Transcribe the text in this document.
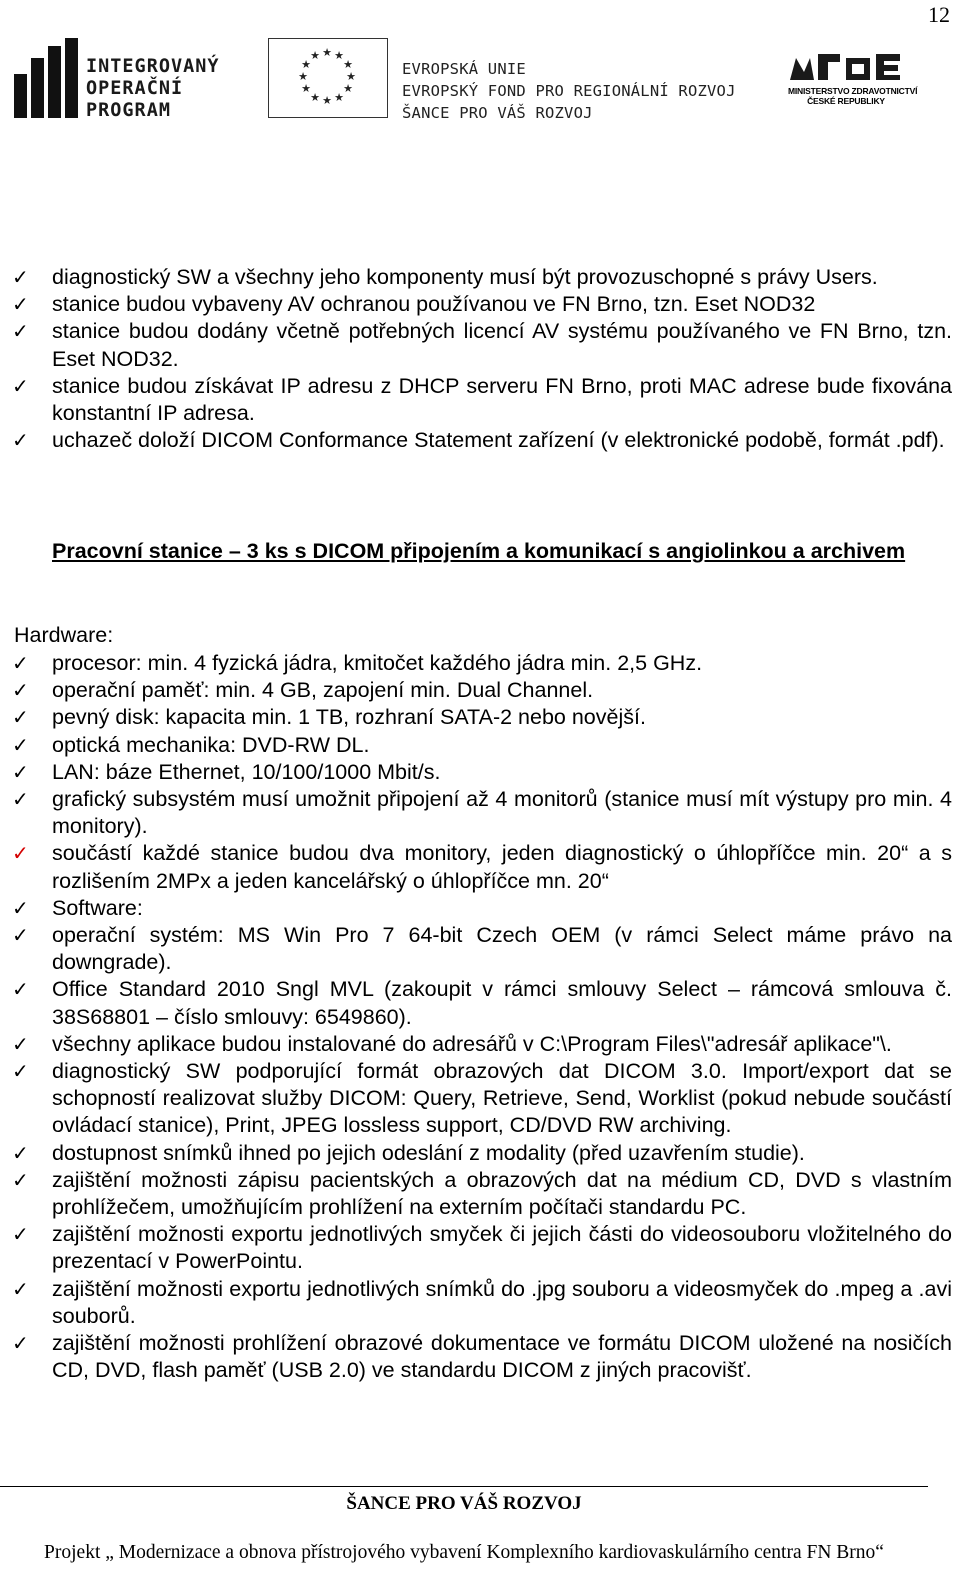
12
INTEGROVANÝ
OPERAČNÍ
PROGRAM
★ ★
★
★
★
★
★
★
★
★
★
★
EVROPSKÁ UNIE
EVROPSKÝ FOND PRO REGIONÁLNÍ ROZVOJ
ŠANCE PRO VÁŠ ROZVOJ
MINISTERSTVO ZDRAVOTNICTVÍ
ČESKÉ REPUBLIKY
✓ diagnostický SW a všechny jeho komponenty musí být provozuschopné s právy Users.
✓ stanice budou vybaveny AV ochranou používanou ve FN Brno, tzn. Eset NOD32
✓ stanice budou dodány včetně potřebných licencí AV systému používaného ve FN Brno, tzn. Eset NOD32.
✓ stanice budou získávat IP adresu z DHCP serveru FN Brno, proti MAC adrese bude fixována konstantní IP adresa.
✓ uchazeč doloží DICOM Conformance Statement zařízení (v elektronické podobě, formát .pdf).
Pracovní stanice – 3 ks s DICOM připojením a komunikací s angiolinkou a archivem
Hardware:
✓ procesor: min. 4 fyzická jádra, kmitočet každého jádra min. 2,5 GHz.
✓ operační paměť: min. 4 GB, zapojení min. Dual Channel.
✓ pevný disk: kapacita min. 1 TB, rozhraní SATA-2 nebo novější.
✓ optická mechanika: DVD-RW DL.
✓ LAN: báze Ethernet, 10/100/1000 Mbit/s.
✓ grafický subsystém musí umožnit připojení až 4 monitorů (stanice musí mít výstupy pro min. 4 monitory).
✓ součástí každé stanice budou dva monitory, jeden diagnostický o úhlopříčce min. 20“ a s rozlišením 2MPx a jeden kancelářský o úhlopříčce mn. 20“
✓ Software:
✓ operační systém: MS Win Pro 7 64-bit Czech OEM (v rámci Select máme právo na downgrade).
✓ Office Standard 2010 Sngl MVL (zakoupit v rámci smlouvy Select – rámcová smlouva č. 38S68801 – číslo smlouvy: 6549860).
✓ všechny aplikace budou instalované do adresářů v C:\Program Files\"adresář aplikace"\.
✓ diagnostický SW podporující formát obrazových dat DICOM 3.0. Import/export dat se schopností realizovat služby DICOM: Query, Retrieve, Send, Worklist (pokud nebude součástí ovládací stanice), Print, JPEG lossless support, CD/DVD RW archiving.
✓ dostupnost snímků ihned po jejich odeslání z modality (před uzavřením studie).
✓ zajištění možnosti zápisu pacientských a obrazových dat na médium CD, DVD s vlastním prohlížečem, umožňujícím prohlížení na externím počítači standardu PC.
✓ zajištění možnosti exportu jednotlivých smyček či jejich části do videosouboru vložitelného do prezentací v PowerPointu.
✓ zajištění možnosti exportu jednotlivých snímků do .jpg souboru a videosmyček do .mpeg a .avi souborů.
✓ zajištění možnosti prohlížení obrazové dokumentace ve formátu DICOM uložené na nosičích CD, DVD, flash paměť (USB 2.0) ve standardu DICOM z jiných pracovišť.
ŠANCE PRO VÁŠ ROZVOJ
Projekt „ Modernizace a obnova přístrojového vybavení Komplexního kardiovaskulárního centra FN Brno“
